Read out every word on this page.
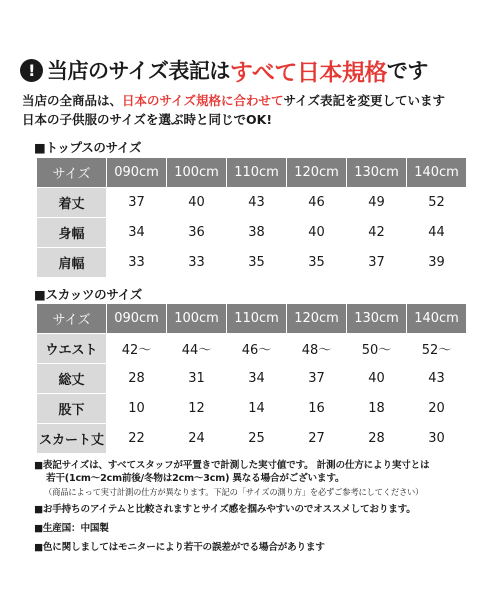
! 当店のサイズ表記は すべて日本規格 です
当店の全商品は、日本のサイズ規格に合わせてサイズ表記を変更しています
日本の子供服のサイズを選ぶ時と同じでOK!
■トップスのサイズ
サイズ	090cm	100cm	110cm	120cm	130cm	140cm
着丈	37	40	43	46	49	52
身幅	34	36	38	40	42	44
肩幅	33	33	35	35	37	39
■スカッツのサイズ
サイズ	090cm	100cm	110cm	120cm	130cm	140cm
ウエスト	42〜	44〜	46〜	48〜	50〜	52〜
総丈	28	31	34	37	40	43
股下	10	12	14	16	18	20
スカート丈	22	24	25	27	28	30
■表記サイズは、すべてスタッフが平置きで計測した実寸値です。 計測の仕方により実寸とは
若干(1cm〜2cm前後/冬物は2cm〜3cm) 異なる場合がございます。
（商品によって実寸計測の仕方が異なります。下記の「サイズの測り方」を必ずご参考にしてください）
■お手持ちのアイテムと比較されますとサイズ感を掴みやすいのでオススメしております。
■生産国：中国製
■色に関しましてはモニターにより若干の誤差がでる場合があります
